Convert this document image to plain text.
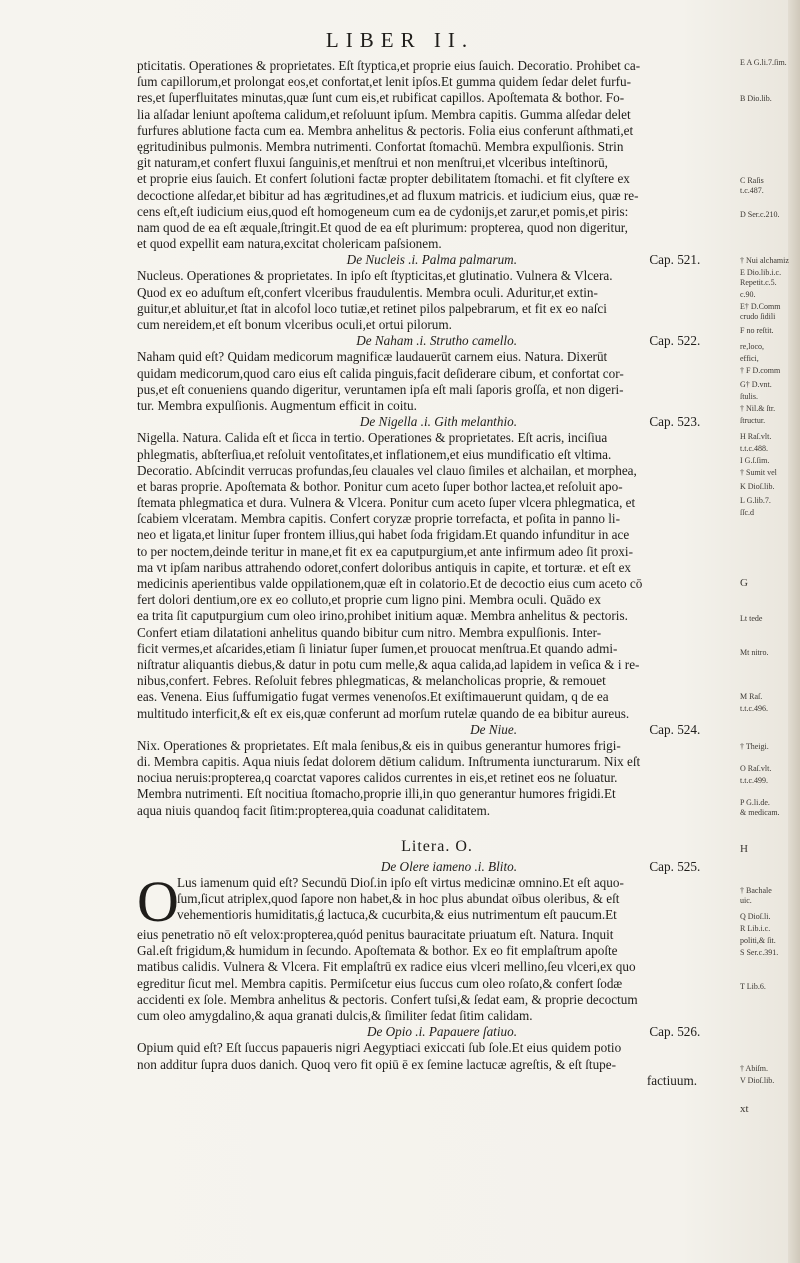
LIBER II.
pticitatis. Operationes & proprietates. Eſt ſtyptica,et proprie eius ſauich. Decoratio. Prohibet ca-
ſum capillorum,et prolongat eos,et confortat,et lenit ipſos.Et gumma quidem ſedar delet furfu-
res,et ſuperfluitates minutas,quæ ſunt cum eis,et rubificat capillos. Apoſtemata & bothor. Fo-
lia alſadar leniunt apoſtema calidum,et reſoluunt ipſum. Membra capitis. Gumma alſedar delet
furfures ablutione facta cum ea. Membra anhelitus & pectoris. Folia eius conferunt aſthmati,et
ęgritudinibus pulmonis. Membra nutrimenti. Confortat ſtomachū. Membra expulſionis. Strin
git naturam,et confert fluxui ſanguinis,et menſtrui et non menſtrui,et vlceribus inteſtinorū,
et proprie eius ſauich. Et confert ſolutioni factæ propter debilitatem ſtomachi. et fit clyſtere ex
decoctione alſedar,et bibitur ad has ægritudines,et ad fluxum matricis. et iudicium eius, quæ re-
cens eſt,eſt iudicium eius,quod eſt homogeneum cum ea de cydonijs,et zarur,et pomis,et piris:
nam quod de ea eſt æquale,ſtringit.Et quod de ea eſt plurimum: propterea, quod non digeritur,
et quod expellit eam natura,excitat cholericam paſsionem.
De Nucleis .i. Palma palmarum.	Cap. 521.
Nucleus. Operationes & proprietates. In ipſo eſt ſtypticitas,et glutinatio. Vulnera & Vlcera.
Quod ex eo aduſtum eſt,confert vlceribus fraudulentis. Membra oculi. Aduritur,et extin-
guitur,et abluitur,et ſtat in alcofol loco tutiæ,et retinet pilos palpebrarum, et fit ex eo naſci
cum nereidem,et eſt bonum vlceribus oculi,et ortui pilorum.
De Naham .i. Strutho camello.	Cap. 522.
Naham quid eſt? Quidam medicorum magnificæ laudauerūt carnem eius. Natura. Dixerūt
quidam medicorum,quod caro eius eſt calida pinguis,facit deſiderare cibum, et confortat cor-
pus,et eſt conueniens quando digeritur, veruntamen ipſa eſt mali ſaporis groſſa, et non digeri-
tur. Membra expulſionis. Augmentum efficit in coitu.
De Nigella .i. Gith melanthio.	Cap. 523.
Nigella. Natura. Calida eſt et ſicca in tertio. Operationes & proprietates. Eſt acris, inciſiua
phlegmatis, abſterſiua,et reſoluit ventoſitates,et inflationem,et eius mundificatio eſt vltima.
Decoratio. Abſcindit verrucas profundas,ſeu clauales vel clauo ſimiles et alchailan, et morphea,
et baras proprie. Apoſtemata & bothor. Ponitur cum aceto ſuper bothor lactea,et reſoluit apo-
ſtemata phlegmatica et dura. Vulnera & Vlcera. Ponitur cum aceto ſuper vlcera phlegmatica, et
ſcabiem vlceratam. Membra capitis. Confert coryzæ proprie torrefacta, et poſita in panno li-
neo et ligata,et linitur ſuper frontem illius,qui habet ſoda frigidam.Et quando infunditur in ace
to per noctem,deinde teritur in mane,et fit ex ea caputpurgium,et ante infirmum adeo ſit proxi-
ma vt ipſam naribus attrahendo odoret,confert doloribus antiquis in capite, et torturæ. et eſt ex
medicinis aperientibus valde oppilationem,quæ eſt in colatorio.Et de decoctio eius cum aceto cō
fert dolori dentium,ore ex eo colluto,et proprie cum ligno pini. Membra oculi. Quādo ex
ea trita ſit caputpurgium cum oleo irino,prohibet initium aquæ. Membra anhelitus & pectoris.
Confert etiam dilatationi anhelitus quando bibitur cum nitro. Membra expulſionis. Inter-
ficit vermes,et aſcarides,etiam ſi liniatur ſuper ſumen,et prouocat menſtrua.Et quando admi-
niſtratur aliquantis diebus,& datur in potu cum melle,& aqua calida,ad lapidem in veſica & i re-
nibus,confert. Febres. Reſoluit febres phlegmaticas, & melancholicas proprie, & remouet
eas. Venena. Eius ſuffumigatio fugat vermes venenoſos.Et exiſtimauerunt quidam, q de ea
multitudo interficit,& eſt ex eis,quæ conferunt ad morſum rutelæ quando de ea bibitur aureus.
De Niue.	Cap. 524.
Nix. Operationes & proprietates. Eſt mala ſenibus,& eis in quibus generantur humores frigi-
di. Membra capitis. Aqua niuis ſedat dolorem dētium calidum. Inſtrumenta iuncturarum. Nix eſt
nociua neruis:propterea,q coarctat vapores calidos currentes in eis,et retinet eos ne ſoluatur.
Membra nutrimenti. Eſt nocitiua ſtomacho,proprie illi,in quo generantur humores frigidi.Et
aqua niuis quandoq facit ſitim:propterea,quia coadunat caliditatem.
Litera. O.
De Olere iameno .i. Blito.	Cap. 525.
O
Lus iamenum quid eſt? Secundū Dioſ.in ipſo eſt virtus medicinæ omnino.Et eſt aquo-
ſum,ſicut atriplex,quod ſapore non habet,& in hoc plus abundat oībus oleribus, & eſt
vehementioris humiditatis,ǵ lactuca,& cucurbita,& eius nutrimentum eſt paucum.Et
eius penetratio nō eſt velox:propterea,quód penitus bauracitate priuatum eſt. Natura. Inquit
Gal.eſt frigidum,& humidum in ſecundo. Apoſtemata & bothor. Ex eo fit emplaſtrum apoſte
matibus calidis. Vulnera & Vlcera. Fit emplaſtrū ex radice eius vlceri mellino,ſeu vlceri,ex quo
egreditur ſicut mel. Membra capitis. Permiſcetur eius ſuccus cum oleo roſato,& confert ſodæ
accidenti ex ſole. Membra anhelitus & pectoris. Confert tuſsi,& ſedat eam, & proprie decoctum
cum oleo amygdalino,& aqua granati dulcis,& ſimiliter ſedat ſitim calidam.
De Opio .i. Papauere ſatiuo.	Cap. 526.
Opium quid eſt? Eſt ſuccus papaueris nigri Aegyptiaci exiccati ſub ſole.Et eius quidem potio
non additur ſupra duos danich. Quoq vero fit opiū ē ex ſemine lactucæ agreſtis, & eſt ſtupe-
factiuum.
E A G.li.7.ſim.
B Dio.lib.
C Raſis
t.c.487.
D Ser.c.210.
† Nui alchamiz
E Dio.lib.i.c.
Repetit.c.5.
c.90.
E† D.Comm
crudo ſidili
F no reſtit.
re,loco,
effici,
† F D.comm
G† D.vnt.
ſtulis.
† Nil.& ſtr.
ſtructur.
H Raſ.vlt.
t.t.c.488.
I G.ſ.ſim.
† Sumit vel
K Dioſ.lib.
L G.lib.7.
ſſc.d
G
Lt tede
Mt nitro.
M Raſ.
t.t.c.496.
† Theigi.
O Raſ.vlt.
t.t.c.499.
P G.li.de.
& medicam.
H
† Bachale
uic.
Q Dioſ.li.
R Lib.i.c.
politi,& ſit.
S Ser.c.391.
T Lib.6.
† Abiſm.
V Dioſ.lib.
xt
